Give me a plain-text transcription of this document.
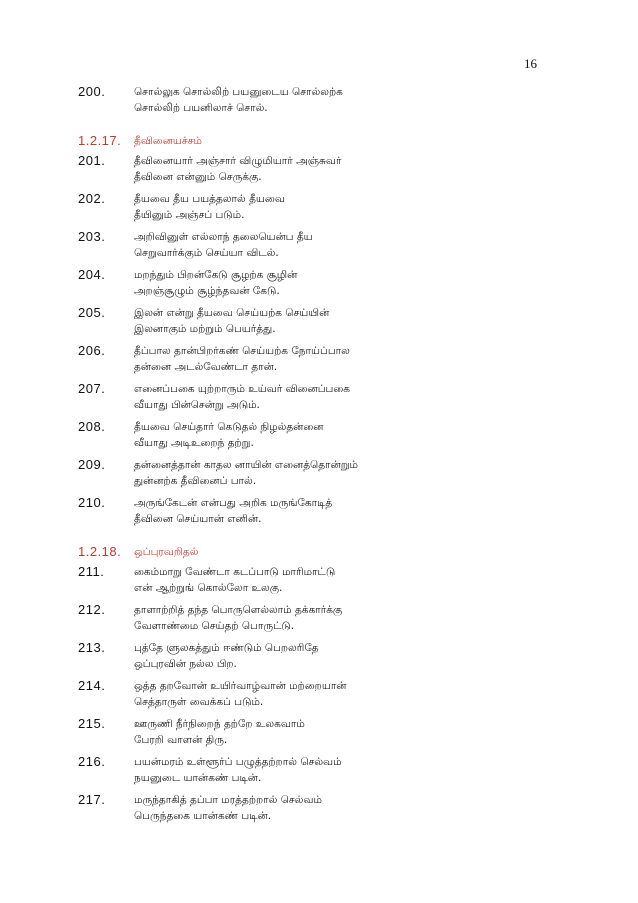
16
200.	சொல்லுக சொல்லிற் பயனுடைய சொல்லற்க
சொல்லிற் பயனிலாச் சொல்.
1.2.17.	தீவினையச்சம்
201.	தீவினையார் அஞ்சார் விழுமியார் அஞ்சுவர்
தீவினை என்னும் செருக்கு.
202.	தீயவை தீய பயத்தலால் தீயவை
தீயினும் அஞ்சப் படும்.
203.	அறிவினுள் எல்லாந் தலையென்ப தீய
செறுவார்க்கும் செய்யா விடல்.
204.	மறந்தும் பிறன்கேடு சூழற்க சூழின்
அறஞ்சூழும் சூழ்ந்தவன் கேடு.
205.	இலன் என்று தீயவை செய்யற்க செய்யின்
இலனாகும் மற்றும் பெயர்த்து.
206.	தீப்பால தான்பிறர்கண் செய்யற்க நோய்ப்பால
தன்னை அடல்வேண்டா தான்.
207.	எனைப்பகை யுற்றாரும் உய்வர் வினைப்பகை
வீயாது பின்சென்று அடும்.
208.	தீயவை செய்தார் கெடுதல் நிழல்தன்னை
வீயாது அடிஉறைந் தற்று.
209.	தன்னைத்தான் காதல னாயின் எனைத்தொன்றும்
துன்னற்க தீவினைப் பால்.
210.	அருங்கேடன் என்பது அறிக மருங்கோடித்
தீவினை செய்யான் எனின்.
1.2.18.	ஒப்புரவறிதல்
211.	கைம்மாறு வேண்டா கடப்பாடு மாரிமாட்டு
என் ஆற்றுங் கொல்லோ உலகு.
212.	தாளாற்றித் தந்த பொருளெல்லாம் தக்கார்க்கு
வேளாண்மை செய்தற் பொருட்டு.
213.	புத்தே ளுலகத்தும் ஈண்டும் பெறலரிதே
ஒப்புரவின் நல்ல பிற.
214.	ஒத்த தறவோன் உயிர்வாழ்வான் மற்றையான்
செத்தாருள் வைக்கப் படும்.
215.	ஊருணி நீர்நிறைந் தற்றே உலகவாம்
பேரறி வாளன் திரு.
216.	பயன்மரம் உள்ளூர்ப் பழுத்தற்றால் செல்வம்
நயனுடை யான்கண் படின்.
217.	மருந்தாகித் தப்பா மரத்தற்றால் செல்வம்
பெருந்தகை யான்கண் படின்.
